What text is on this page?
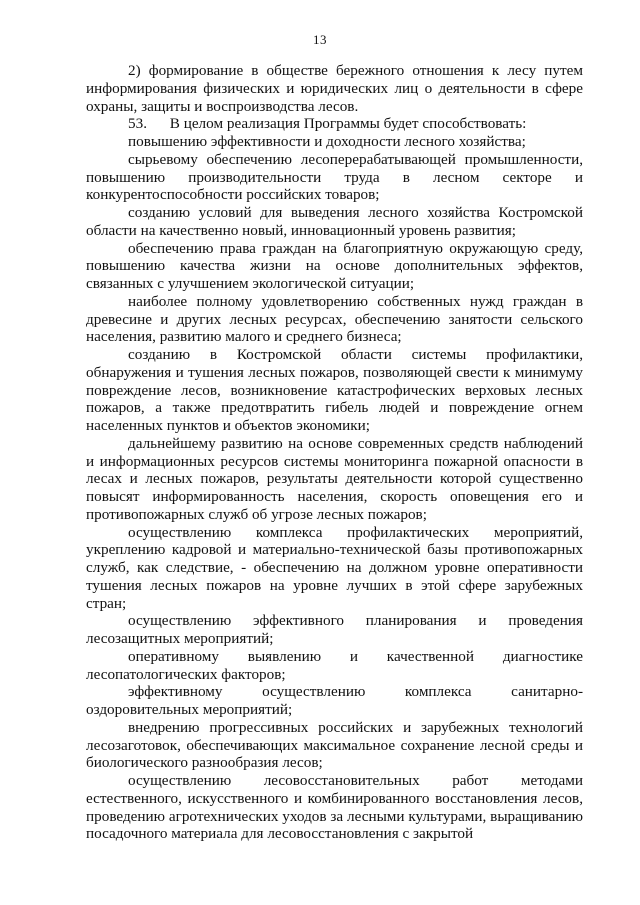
13

2) формирование в обществе бережного отношения к лесу путем информирования физических и юридических лиц о деятельности в сфере охраны, защиты и воспроизводства лесов.

53.      В целом реализация Программы будет способствовать:

повышению эффективности и доходности лесного хозяйства;

сырьевому обеспечению лесоперерабатывающей промышленности, повышению производительности труда в лесном секторе и конкурентоспособности российских товаров;

созданию условий для выведения лесного хозяйства Костромской области на качественно новый, инновационный уровень развития;

обеспечению права граждан на благоприятную окружающую среду, повышению качества жизни на основе дополнительных эффектов, связанных с улучшением экологической ситуации;

наиболее полному удовлетворению собственных нужд граждан в древесине и других лесных ресурсах, обеспечению занятости сельского населения, развитию малого и среднего бизнеса;

созданию в Костромской области системы профилактики, обнаружения и тушения лесных пожаров, позволяющей свести к минимуму повреждение лесов, возникновение катастрофических верховых лесных пожаров, а также предотвратить гибель людей и повреждение огнем населенных пунктов и объектов экономики;

дальнейшему развитию на основе современных средств наблюдений и информационных ресурсов системы мониторинга пожарной опасности в лесах и лесных пожаров, результаты деятельности которой существенно повысят информированность населения, скорость оповещения его и противопожарных служб об угрозе лесных пожаров;

осуществлению комплекса профилактических мероприятий, укреплению кадровой и материально-технической базы противопожарных служб, как следствие, - обеспечению на должном уровне оперативности тушения лесных пожаров на уровне лучших в этой сфере зарубежных стран;

осуществлению эффективного планирования и проведения лесозащитных мероприятий;

оперативному выявлению и качественной диагностике лесопатологических факторов;

эффективному осуществлению комплекса санитарно-оздоровительных мероприятий;

внедрению прогрессивных российских и зарубежных технологий лесозаготовок, обеспечивающих максимальное сохранение лесной среды и биологического разнообразия лесов;

осуществлению лесовосстановительных работ методами естественного, искусственного и комбинированного восстановления лесов, проведению агротехнических уходов за лесными культурами, выращиванию посадочного материала для лесовосстановления с закрытой
